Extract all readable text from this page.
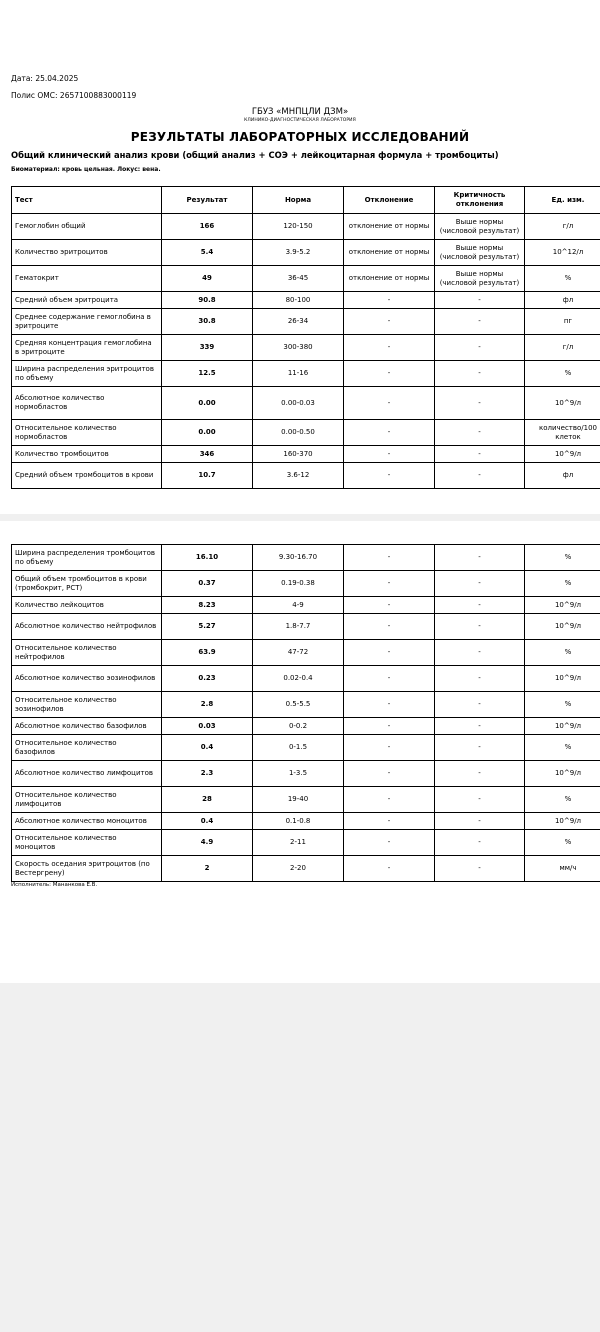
Дата: 25.04.2025
Полис ОМС: 2657100883000119
ГБУЗ «МНПЦЛИ ДЗМ»
КЛИНИКО-ДИАГНОСТИЧЕСКАЯ ЛАБОРАТОРИЯ
РЕЗУЛЬТАТЫ ЛАБОРАТОРНЫХ ИССЛЕДОВАНИЙ
Общий клинический анализ крови (общий анализ + СОЭ + лейкоцитарная формула + тромбоциты)
Биоматериал: кровь цельная. Локус: вена.
Тест	Результат	Норма	Отклонение	Критичность отклонения	Ед. изм.
Гемоглобин общий	166	120-150	отклонение от нормы	Выше нормы (числовой результат)	г/л
Количество эритроцитов	5.4	3.9-5.2	отклонение от нормы	Выше нормы (числовой результат)	10^12/л
Гематокрит	49	36-45	отклонение от нормы	Выше нормы (числовой результат)	%
Средний объем эритроцита	90.8	80-100	-	-	фл
Среднее содержание гемоглобина в эритроците	30.8	26-34	-	-	пг
Средняя концентрация гемоглобина в эритроците	339	300-380	-	-	г/л
Ширина распределения эритроцитов по объему	12.5	11-16	-	-	%
Абсолютное количество нормобластов	0.00	0.00-0.03	-	-	10^9/л
Относительное количество нормобластов	0.00	0.00-0.50	-	-	количество/100 клеток
Количество тромбоцитов	346	160-370	-	-	10^9/л
Средний объем тромбоцитов в крови	10.7	3.6-12	-	-	фл
Ширина распределения тромбоцитов по объему	16.10	9.30-16.70	-	-	%
Общий объем тромбоцитов в крови (тромбокрит, PCT)	0.37	0.19-0.38	-	-	%
Количество лейкоцитов	8.23	4-9	-	-	10^9/л
Абсолютное количество нейтрофилов	5.27	1.8-7.7	-	-	10^9/л
Относительное количество нейтрофилов	63.9	47-72	-	-	%
Абсолютное количество эозинофилов	0.23	0.02-0.4	-	-	10^9/л
Относительное количество эозинофилов	2.8	0.5-5.5	-	-	%
Абсолютное количество базофилов	0.03	0-0.2	-	-	10^9/л
Относительное количество базофилов	0.4	0-1.5	-	-	%
Абсолютное количество лимфоцитов	2.3	1-3.5	-	-	10^9/л
Относительное количество лимфоцитов	28	19-40	-	-	%
Абсолютное количество моноцитов	0.4	0.1-0.8	-	-	10^9/л
Относительное количество моноцитов	4.9	2-11	-	-	%
Скорость оседания эритроцитов (по Вестергрену)	2	2-20	-	-	мм/ч
Исполнитель: Мананкова Е.В.
